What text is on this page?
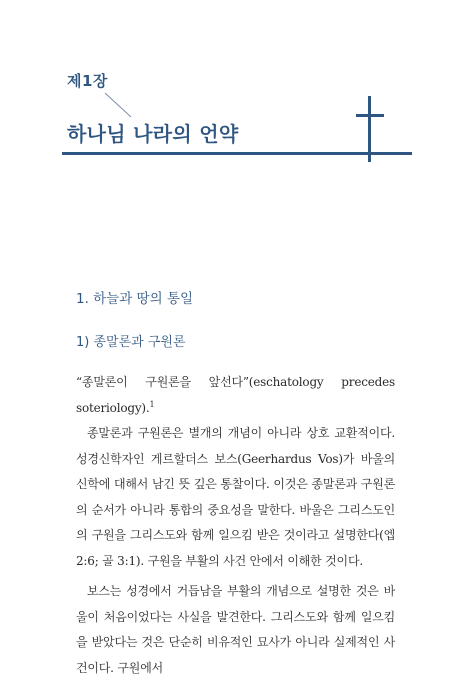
제1장
하나님 나라의 언약
1. 하늘과 땅의 통일
1) 종말론과 구원론

“종말론이 구원론을 앞선다”(eschatology precedes soteriology).$^1$

종말론과 구원론은 별개의 개념이 아니라 상호 교환적이다. 성경신학자인 게르할더스 보스(Geerhardus Vos)가 바울의 신학에 대해서 남긴 뜻 깊은 통찰이다. 이것은 종말론과 구원론의 순서가 아니라 통합의 중요성을 말한다. 바울은 그리스도인의 구원을 그리스도와 함께 일으킴 받은 것이라고 설명한다(엡 2:6; 골 3:1). 구원을 부활의 사건 안에서 이해한 것이다.

보스는 성경에서 거듭남을 부활의 개념으로 설명한 것은 바울이 처음이었다는 사실을 발견한다. 그리스도와 함께 일으킴을 받았다는 것은 단순히 비유적인 묘사가 아니라 실제적인 사건이다. 구원에서
